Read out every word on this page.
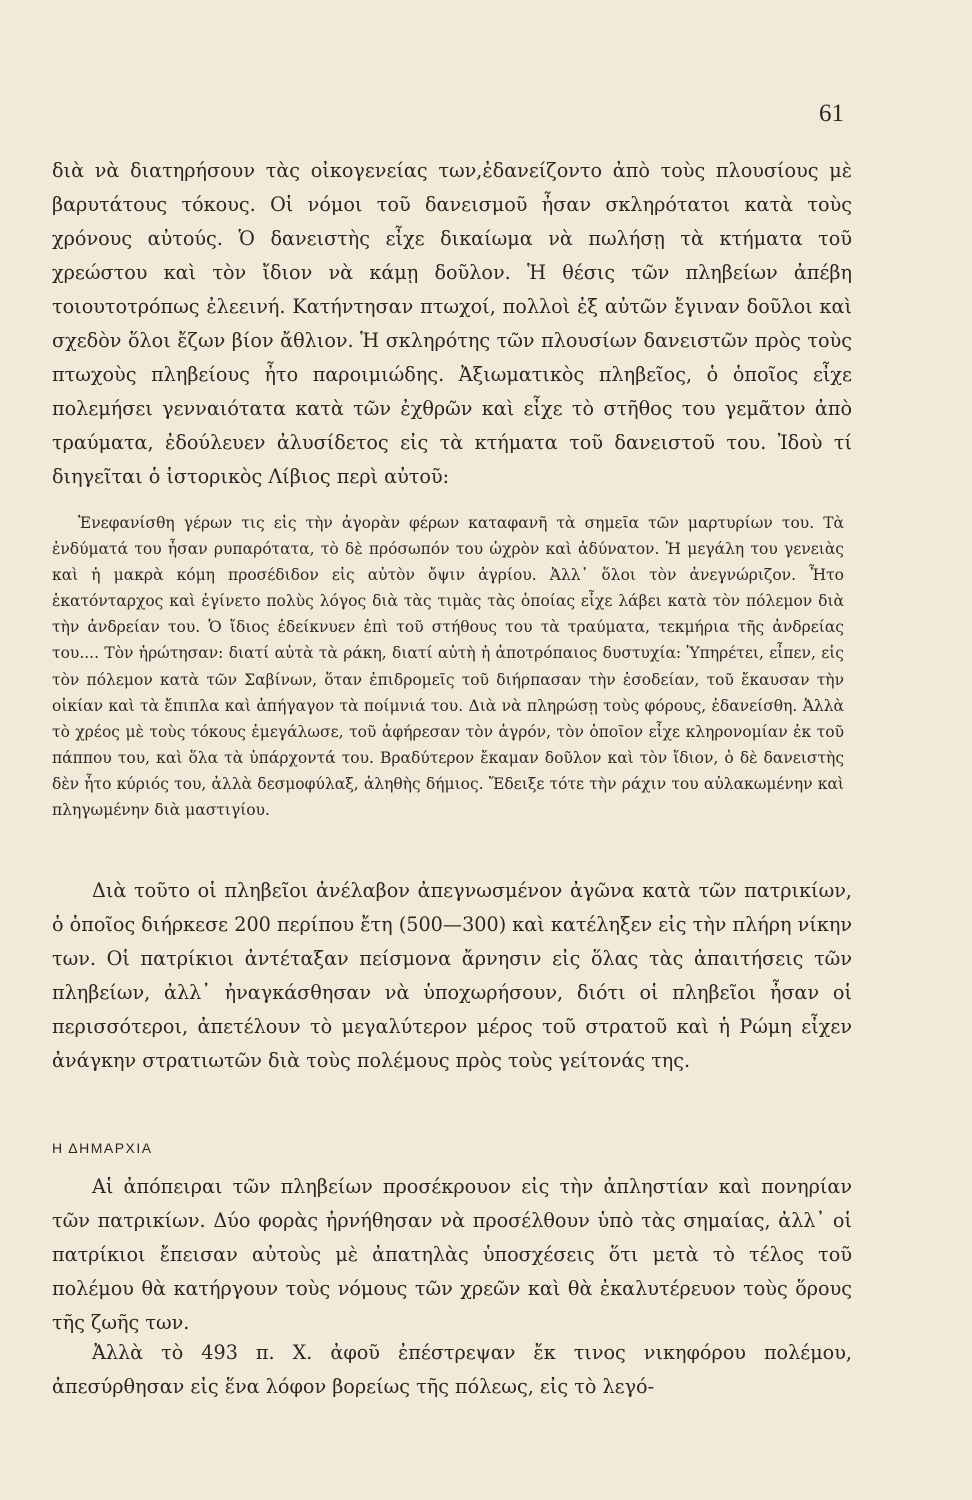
61

διὰ νὰ διατηρήσουν τὰς οἰκογενείας των,ἐδανείζοντο ἀπὸ τοὺς πλουσίους μὲ βαρυτάτους τόκους. Οἱ νόμοι τοῦ δανεισμοῦ ἦσαν σκληρότατοι κατὰ τοὺς χρόνους αὐτούς. Ὁ δανειστὴς εἶχε δικαίωμα νὰ πωλήσῃ τὰ κτήματα τοῦ χρεώστου καὶ τὸν ἴδιον νὰ κάμῃ δοῦλον. Ἡ θέσις τῶν πληβείων ἀπέβη τοιουτοτρόπως ἐλεεινή. Κατήντησαν πτωχοί, πολλοὶ ἐξ αὐτῶν ἔγιναν δοῦλοι καὶ σχεδὸν ὅλοι ἔζων βίον ἄθλιον. Ἡ σκληρότης τῶν πλουσίων δανειστῶν πρὸς τοὺς πτωχοὺς πληβείους ἦτο παροιμιώδης. Ἀξιωματικὸς πληβεῖος, ὁ ὁποῖος εἶχε πολεμήσει γενναιότατα κατὰ τῶν ἐχθρῶν καὶ εἶχε τὸ στῆθος του γεμᾶτον ἀπὸ τραύματα, ἐδούλευεν ἀλυσίδετος εἰς τὰ κτήματα τοῦ δανειστοῦ του. Ἰδοὺ τί διηγεῖται ὁ ἱστορικὸς Λίβιος περὶ αὐτοῦ:

Ἐνεφανίσθη γέρων τις εἰς τὴν ἀγορὰν φέρων καταφανῆ τὰ σημεῖα τῶν μαρτυρίων του. Τὰ ἐνδύματά του ἦσαν ρυπαρότατα, τὸ δὲ πρόσωπόν του ὠχρὸν καὶ ἀδύνατον. Ἡ μεγάλη του γενειὰς καὶ ἡ μακρὰ κόμη προσέδιδον εἰς αὐτὸν ὄψιν ἀγρίου. Ἀλλ᾽ ὅλοι τὸν ἀνεγνώριζον. Ἦτο ἑκατόνταρχος καὶ ἐγίνετο πολὺς λόγος διὰ τὰς τιμὰς τὰς ὁποίας εἶχε λάβει κατὰ τὸν πόλεμον διὰ τὴν ἀνδρείαν του. Ὁ ἴδιος ἐδείκνυεν ἐπὶ τοῦ στήθους του τὰ τραύματα, τεκμήρια τῆς ἀνδρείας του.... Τὸν ἠρώτησαν: διατί αὐτὰ τὰ ράκη, διατί αὐτὴ ἡ ἀποτρόπαιος δυστυχία: Ὑπηρέτει, εἶπεν, εἰς τὸν πόλεμον κατὰ τῶν Σαβίνων, ὅταν ἐπιδρομεῖς τοῦ διήρπασαν τὴν ἐσοδείαν, τοῦ ἔκαυσαν τὴν οἰκίαν καὶ τὰ ἔπιπλα καὶ ἀπήγαγον τὰ ποίμνιά του. Διὰ νὰ πληρώσῃ τοὺς φόρους, ἐδανείσθη. Ἀλλὰ τὸ χρέος μὲ τοὺς τόκους ἐμεγάλωσε, τοῦ ἀφήρεσαν τὸν ἀγρόν, τὸν ὁποῖον εἶχε κληρονομίαν ἐκ τοῦ πάππου του, καὶ ὅλα τὰ ὑπάρχοντά του. Βραδύτερον ἔκαμαν δοῦλον καὶ τὸν ἴδιον, ὁ δὲ δανειστὴς δὲν ἦτο κύριός του, ἀλλὰ δεσμοφύλαξ, ἀληθὴς δήμιος. Ἔδειξε τότε τὴν ράχιν του αὐλακωμένην καὶ πληγωμένην διὰ μαστιγίου.

Διὰ τοῦτο οἱ πληβεῖοι ἀνέλαβον ἀπεγνωσμένον ἀγῶνα κατὰ τῶν πατρικίων, ὁ ὁποῖος διήρκεσε 200 περίπου ἔτη (500—300) καὶ κατέληξεν εἰς τὴν πλήρη νίκην των. Οἱ πατρίκιοι ἀντέταξαν πείσμονα ἄρνησιν εἰς ὅλας τὰς ἀπαιτήσεις τῶν πληβείων, ἀλλ᾽ ἠναγκάσθησαν νὰ ὑποχωρήσουν, διότι οἱ πληβεῖοι ἦσαν οἱ περισσότεροι, ἀπετέλουν τὸ μεγαλύτερον μέρος τοῦ στρατοῦ καὶ ἡ Ρώμη εἶχεν ἀνάγκην στρατιωτῶν διὰ τοὺς πολέμους πρὸς τοὺς γείτονάς της.

Η ΔΗΜΑΡΧΙΑ

Αἱ ἀπόπειραι τῶν πληβείων προσέκρουον εἰς τὴν ἀπληστίαν καὶ πονηρίαν τῶν πατρικίων. Δύο φορὰς ἠρνήθησαν νὰ προσέλθουν ὑπὸ τὰς σημαίας, ἀλλ᾽ οἱ πατρίκιοι ἔπεισαν αὐτοὺς μὲ ἀπατηλὰς ὑποσχέσεις ὅτι μετὰ τὸ τέλος τοῦ πολέμου θὰ κατήργουν τοὺς νόμους τῶν χρεῶν καὶ θὰ ἐκαλυτέρευον τοὺς ὅρους τῆς ζωῆς των.

Ἀλλὰ τὸ 493 π. Χ. ἀφοῦ ἐπέστρεψαν ἔκ τινος νικηφόρου πολέμου, ἀπεσύρθησαν εἰς ἕνα λόφον βορείως τῆς πόλεως, εἰς τὸ λεγό-
